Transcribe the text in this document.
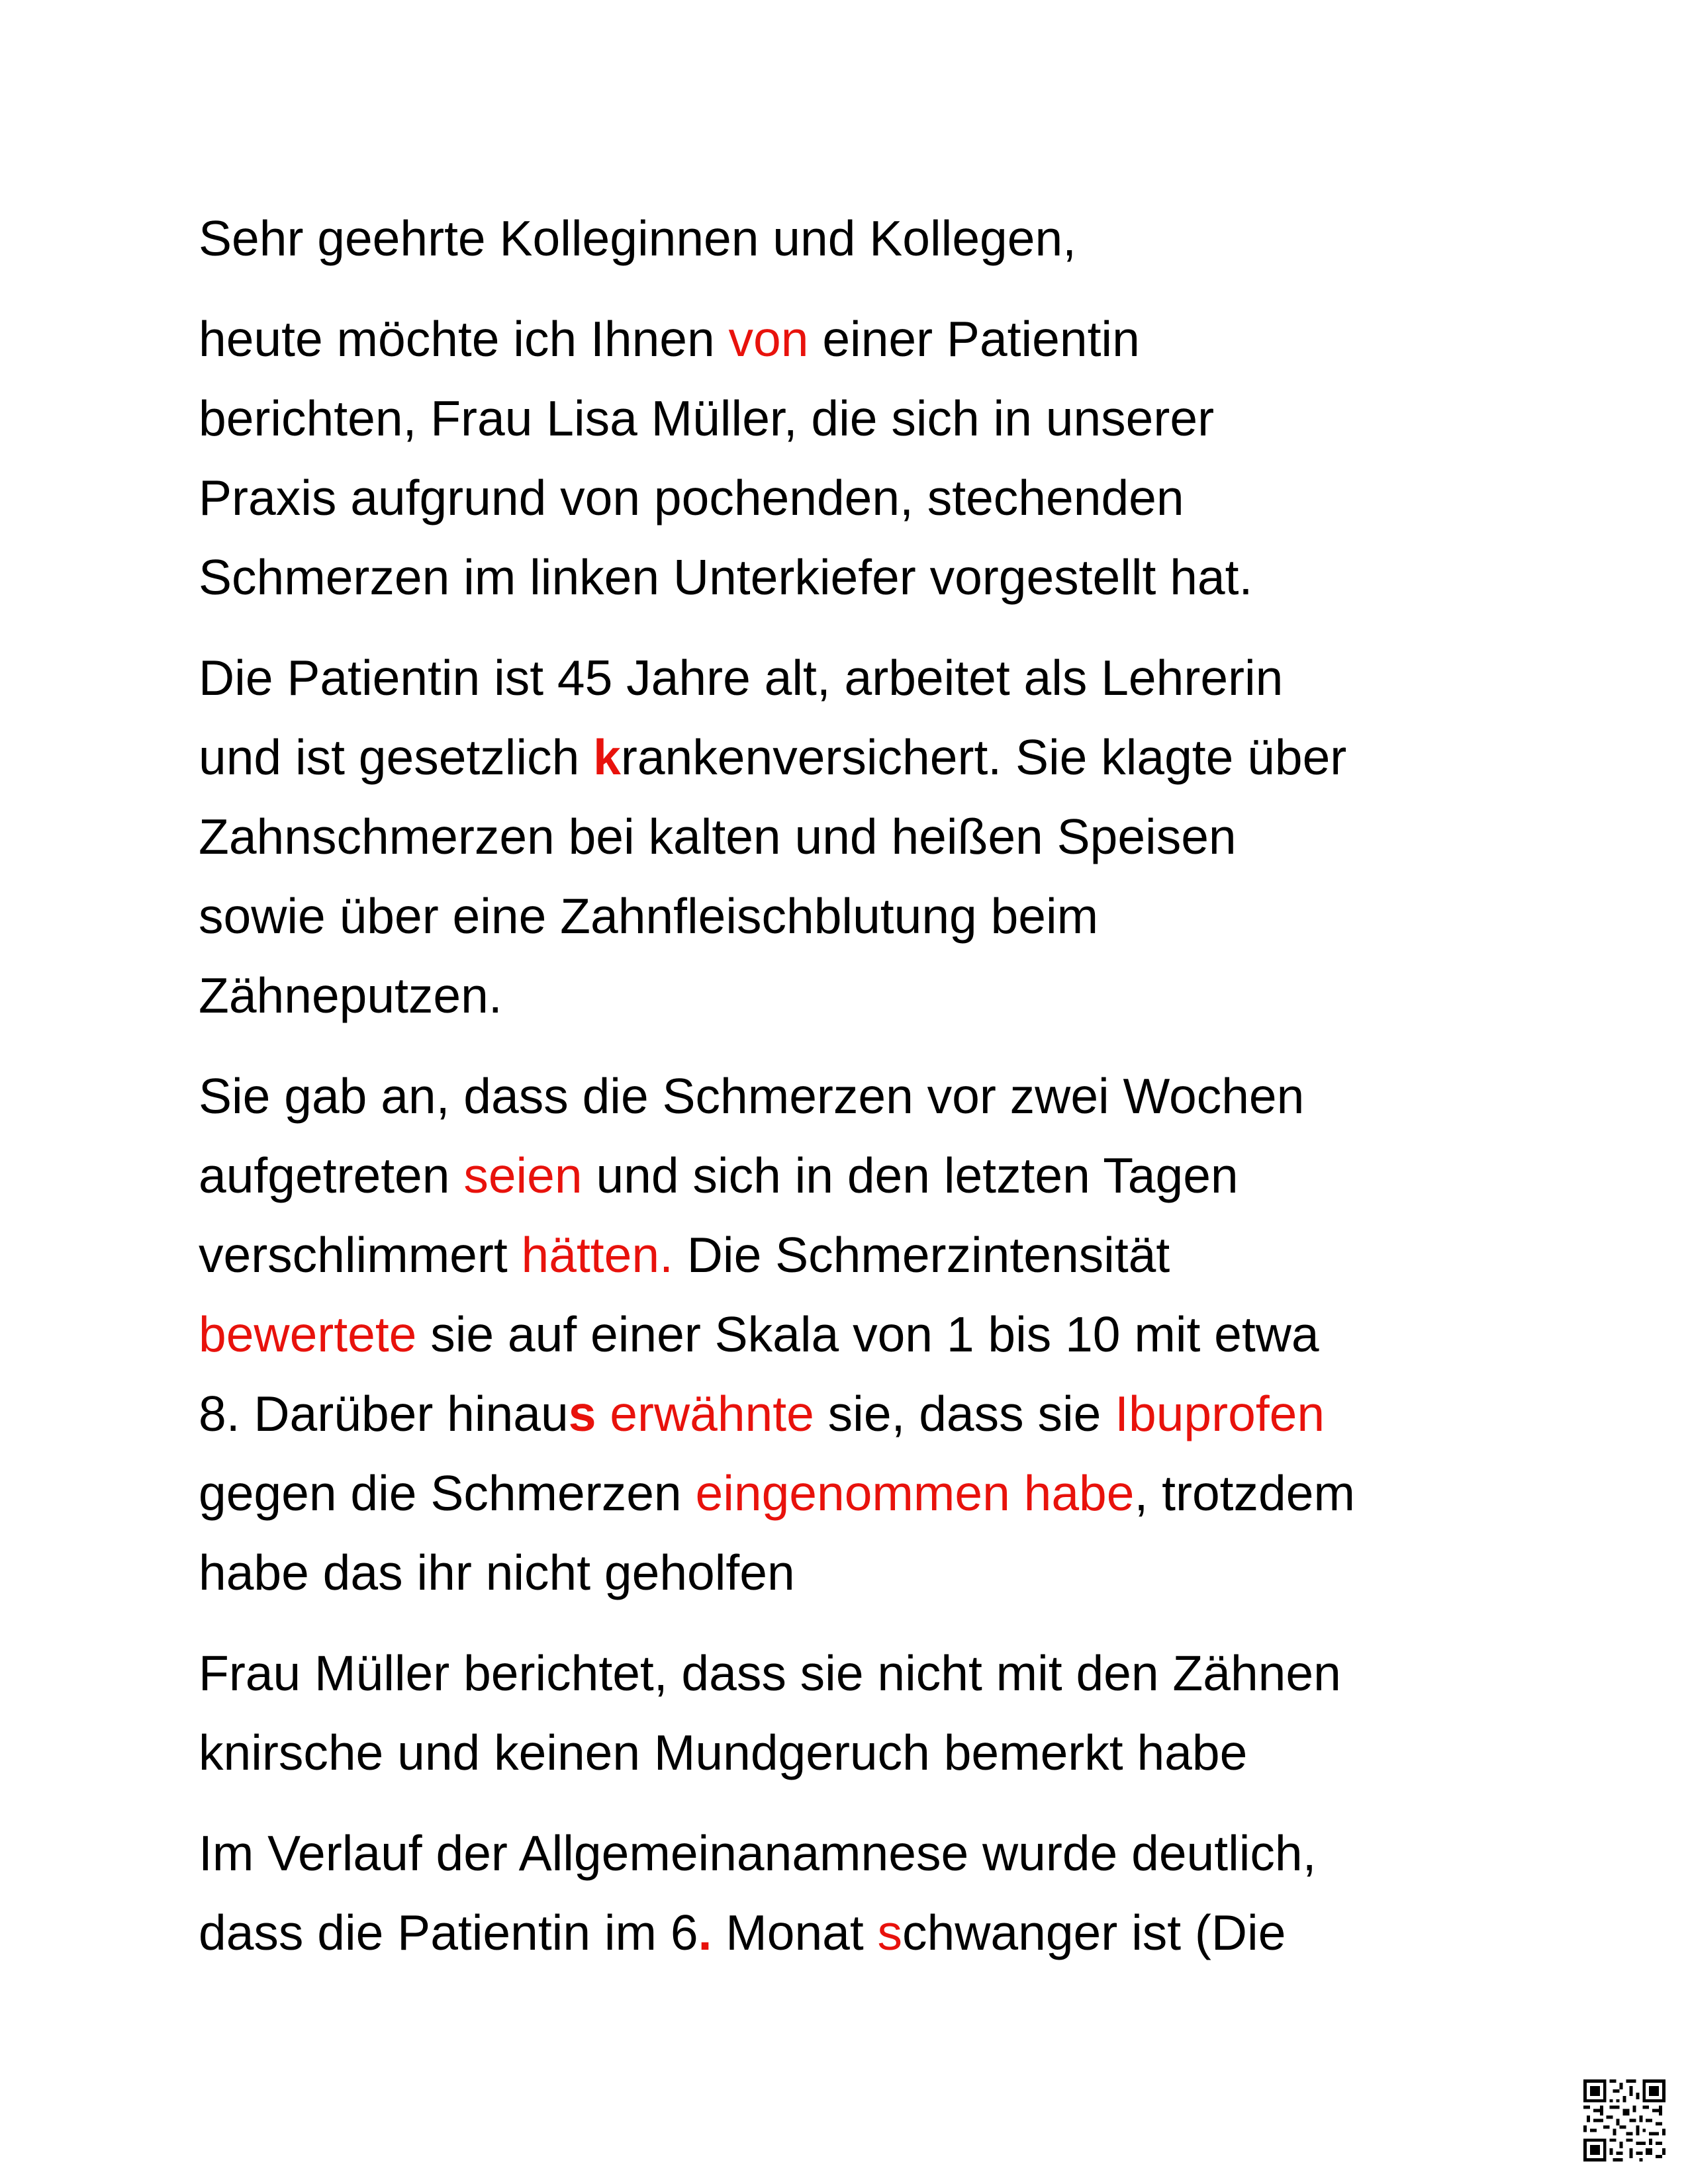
Sehr geehrte Kolleginnen und Kollegen,

heute möchte ich Ihnen von einer Patientin
berichten, Frau Lisa Müller, die sich in unserer
Praxis aufgrund von pochenden, stechenden
Schmerzen im linken Unterkiefer vorgestellt hat.

Die Patientin ist 45 Jahre alt, arbeitet als Lehrerin
und ist gesetzlich krankenversichert. Sie klagte über
Zahnschmerzen bei kalten und heißen Speisen
sowie über eine Zahnfleischblutung beim
Zähneputzen.

Sie gab an, dass die Schmerzen vor zwei Wochen
aufgetreten seien und sich in den letzten Tagen
verschlimmert hätten. Die Schmerzintensität
bewertete sie auf einer Skala von 1 bis 10 mit etwa
8. Darüber hinaus erwähnte sie, dass sie Ibuprofen
gegen die Schmerzen eingenommen habe, trotzdem
habe das ihr nicht geholfen

Frau Müller berichtet, dass sie nicht mit den Zähnen
knirsche und keinen Mundgeruch bemerkt habe

Im Verlauf der Allgemeinanamnese wurde deutlich,
dass die Patientin im 6. Monat schwanger ist (Die
